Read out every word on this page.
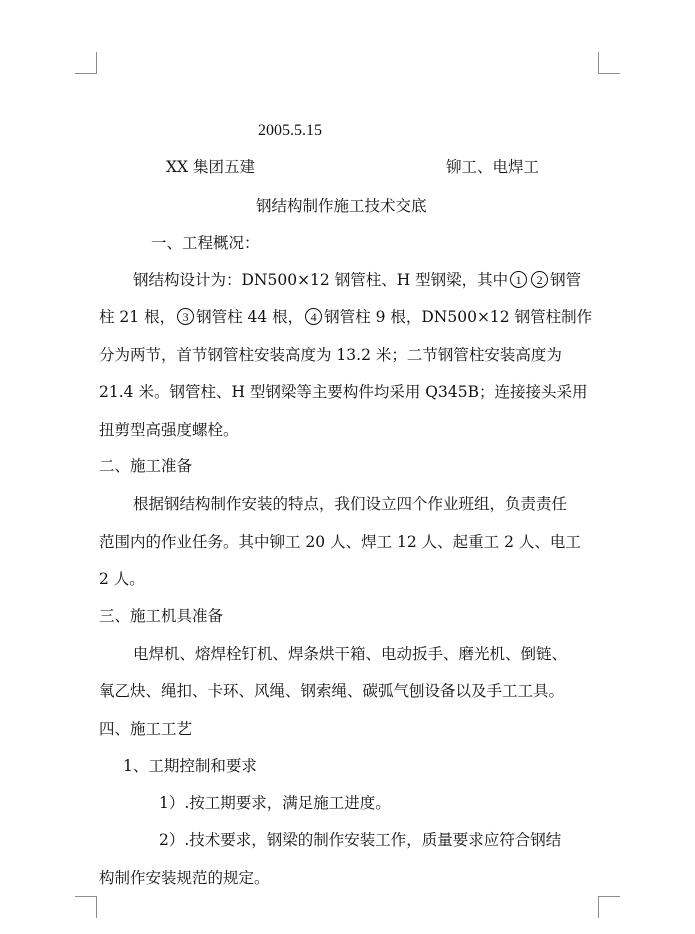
2005.5.15
XX 集团五建	铆工、电焊工
钢结构制作施工技术交底
一、工程概况：
钢结构设计为：DN500×12 钢管柱、H 型钢梁，其中 1 2 钢管
柱 21 根， 3 钢管柱 44 根， 4 钢管柱 9 根，DN500×12 钢管柱制作
分为两节，首节钢管柱安装高度为 13.2 米；二节钢管柱安装高度为
21.4 米。钢管柱、H 型钢梁等主要构件均采用 Q345B；连接接头采用
扭剪型高强度螺栓。
二、施工准备
根据钢结构制作安装的特点，我们设立四个作业班组，负责责任
范围内的作业任务。其中铆工 20 人、焊工 12 人、起重工 2 人、电工
2 人。
三、施工机具准备
电焊机、熔焊栓钉机、焊条烘干箱、电动扳手、磨光机、倒链、
氧乙炔、绳扣、卡环、风绳、钢索绳、碳弧气刨设备以及手工工具。
四、施工工艺
1、工期控制和要求
1）.按工期要求，满足施工进度。
2）.技术要求，钢梁的制作安装工作，质量要求应符合钢结
构制作安装规范的规定。
